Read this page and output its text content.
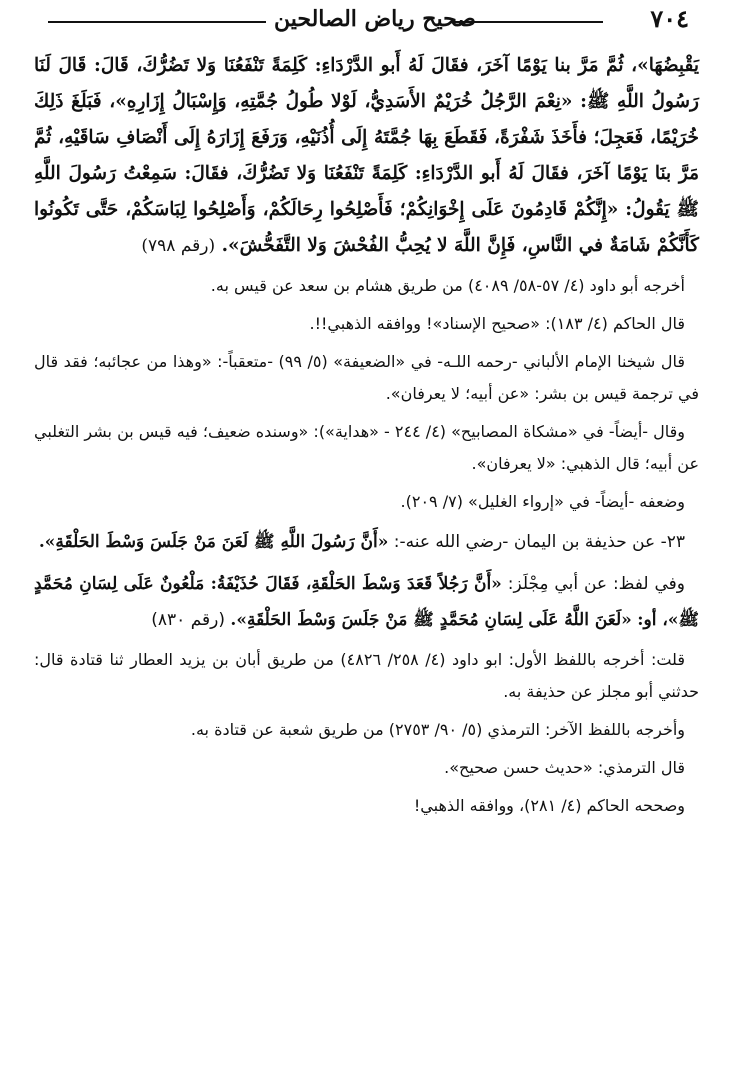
٧٠٤
صحيح رياض الصالحين
يَقْبِضُهَا»، ثُمَّ مَرَّ بنا يَوْمًا آخَرَ، فقَالَ لَهُ أَبو الدَّرْدَاءِ: كَلِمَةً تَنْفَعُنَا وَلا تَضُرُّكَ، قَالَ: قَالَ لَنَا رَسُولُ اللَّهِ ﷺ: «نِعْمَ الرَّجُلُ خُرَيْمٌ الأَسَدِيُّ، لَوْلا طُولُ جُمَّتِهِ، وَإِسْبَالُ إِزَارِهِ»، فَبَلَغَ ذَلِكَ خُرَيْمًا، فَعَجِلَ؛ فأَخَذَ شَفْرَةً، فَقَطَعَ بِهَا جُمَّتَهُ إِلَى أُذُنَيْهِ، وَرَفَعَ إِزَارَهُ إِلَى أَنْصَافِ سَاقَيْهِ، ثُمَّ مَرَّ بنَا يَوْمًا آخَرَ، فقَالَ لَهُ أَبو الدَّرْدَاءِ: كَلِمَةً تَنْفَعُنَا وَلا تَضُرُّكَ، فقَالَ: سَمِعْتُ رَسُولَ اللَّهِ ﷺ يَقُولُ: «إِنَّكُمْ قَادِمُونَ عَلَى إِخْوَانِكُمْ؛ فَأَصْلِحُوا رِحَالَكُمْ، وَأَصْلِحُوا لِبَاسَكُمْ، حَتَّى تَكُونُوا كَأَنَّكُمْ شَامَةٌ في النَّاسِ، فَإِنَّ اللَّهَ لا يُحِبُّ الفُحْشَ وَلا التَّفَحُّشَ». (رقم ٧٩٨)

أخرجه أبو داود (٤/ ٥٧-٥٨/ ٤٠٨٩) من طريق هشام بن سعد عن قيس به.

قال الحاكم (٤/ ١٨٣): «صحيح الإسناد»! ووافقه الذهبي!!.

قال شيخنا الإمام الألباني -رحمه اللـه- في «الضعيفة» (٥/ ٩٩) -متعقباً-: «وهذا من عجائبه؛ فقد قال في ترجمة قيس بن بشر: «عن أبيه؛ لا يعرفان».

وقال -أيضاً- في «مشكاة المصابيح» (٤/ ٢٤٤ - «هداية»): «وسنده ضعيف؛ فيه قيس بن بشر التغلبي عن أبيه؛ قال الذهبي: «لا يعرفان».

وضعفه -أيضاً- في «إرواء الغليل» (٧/ ٢٠٩).

٢٣- عن حذيفة بن اليمان -رضي الله عنه-: «أَنَّ رَسُولَ اللَّهِ ﷺ لَعَنَ مَنْ جَلَسَ وَسْطَ الحَلْقَةِ».
وفي لفظ: عن أبي مِجْلَز: «أَنَّ رَجُلاً قَعَدَ وَسْطَ الحَلْقَةِ، فَقَالَ حُذَيْفَةُ: مَلْعُونٌ عَلَى لِسَانِ مُحَمَّدٍ ﷺ»، أو: «لَعَنَ اللَّهُ عَلَى لِسَانِ مُحَمَّدٍ ﷺ مَنْ جَلَسَ وَسْطَ الحَلْقَةِ». (رقم ٨٣٠)

قلت: أخرجه باللفظ الأول: ابو داود (٤/ ٢٥٨/ ٤٨٢٦) من طريق أبان بن يزيد العطار ثنا قتادة قال: حدثني أبو مجلز عن حذيفة به.

وأخرجه باللفظ الآخر: الترمذي (٥/ ٩٠/ ٢٧٥٣) من طريق شعبة عن قتادة به.

قال الترمذي: «حديث حسن صحيح».

وصححه الحاكم (٤/ ٢٨١)، ووافقه الذهبي!
